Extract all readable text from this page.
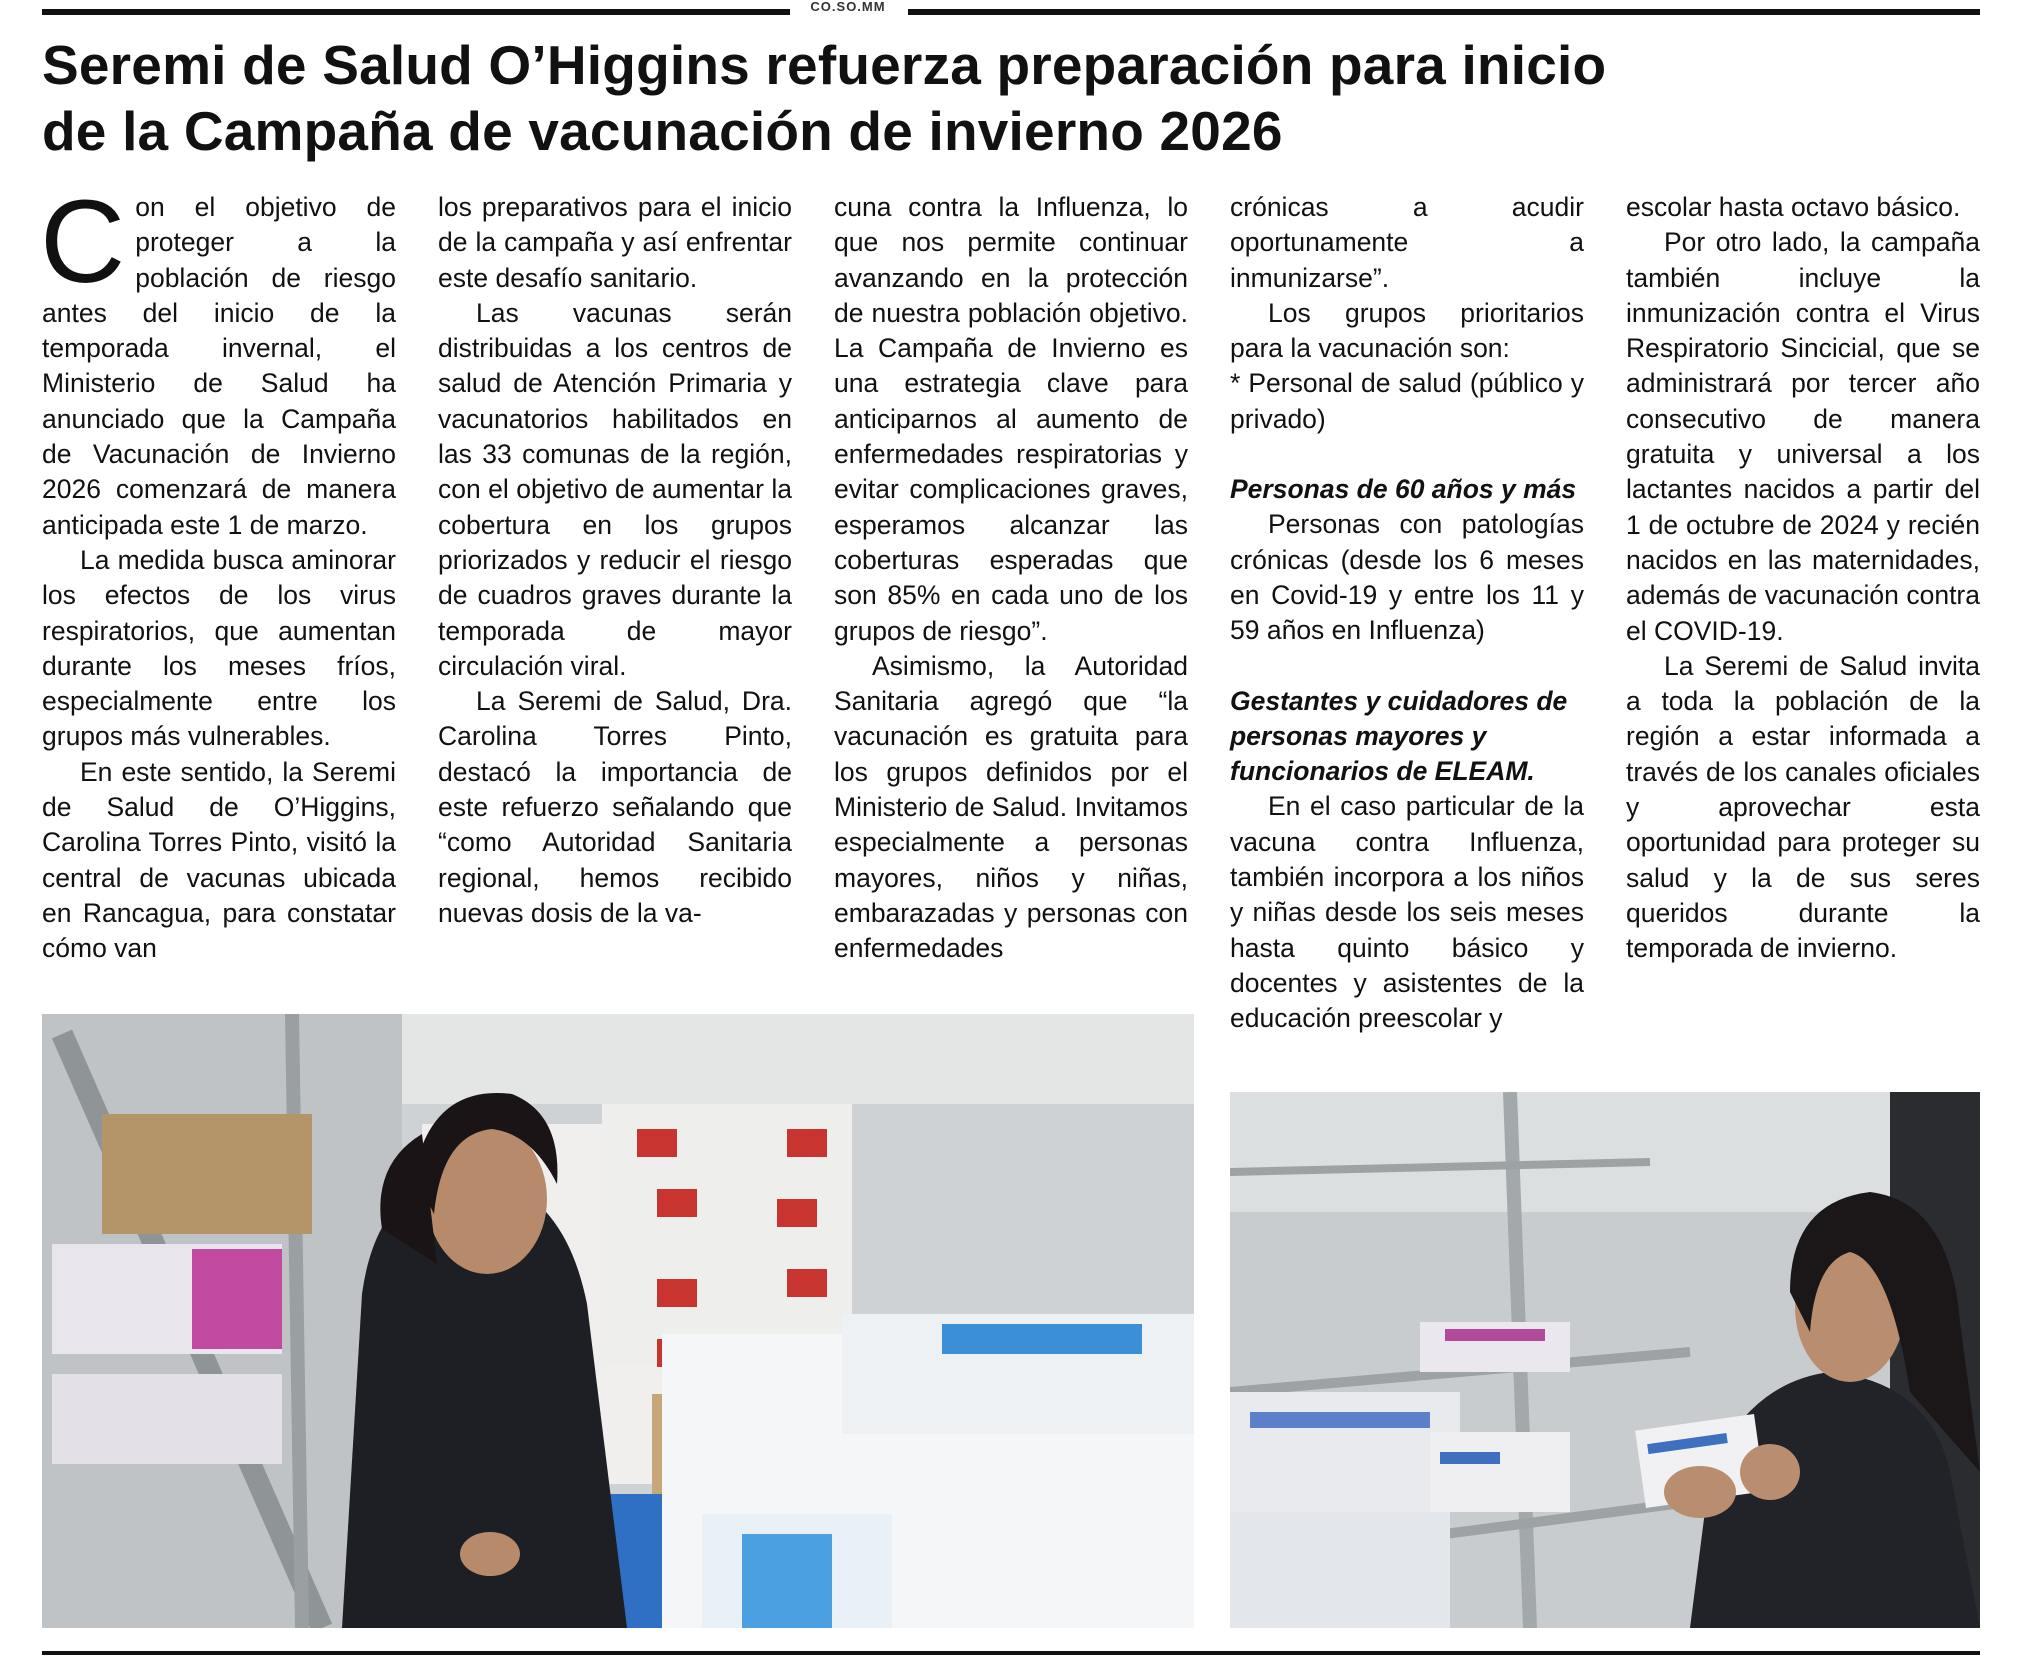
CO.SO.MM
Seremi de Salud O’Higgins refuerza preparación para inicio
de la Campaña de vacunación de invierno 2026

Con el objetivo de proteger a la población de riesgo antes del inicio de la temporada invernal, el Ministerio de Salud ha anunciado que la Campaña de Vacunación de Invierno 2026 comenzará de manera anticipada este 1 de marzo.

La medida busca aminorar los efectos de los virus respiratorios, que aumentan durante los meses fríos, especialmente entre los grupos más vulnerables.

En este sentido, la Seremi de Salud de O’Higgins, Carolina Torres Pinto, visitó la central de vacunas ubicada en Rancagua, para constatar cómo van

los preparativos para el inicio de la campaña y así enfrentar este desafío sanitario.

Las vacunas serán distribuidas a los centros de salud de Atención Primaria y vacunatorios habilitados en las 33 comunas de la región, con el objetivo de aumentar la cobertura en los grupos priorizados y reducir el riesgo de cuadros graves durante la temporada de mayor circulación viral.

La Seremi de Salud, Dra. Carolina Torres Pinto, destacó la importancia de este refuerzo señalando que “como Autoridad Sanitaria regional, hemos recibido nuevas dosis de la va-

cuna contra la Influenza, lo que nos permite continuar avanzando en la protección de nuestra población objetivo. La Campaña de Invierno es una estrategia clave para anticiparnos al aumento de enfermedades respiratorias y evitar complicaciones graves, esperamos alcanzar las coberturas esperadas que son 85% en cada uno de los grupos de riesgo”.

Asimismo, la Autoridad Sanitaria agregó que “la vacunación es gratuita para los grupos definidos por el Ministerio de Salud. Invitamos especialmente a personas mayores, niños y niñas, embarazadas y personas con enfermedades

crónicas a acudir oportunamente a inmunizarse”.

Los grupos prioritarios para la vacunación son:

* Personal de salud (público y privado)

Personas de 60 años y más

Personas con patologías crónicas (desde los 6 meses en Covid-19 y entre los 11 y 59 años en Influenza)

Gestantes y cuidadores de personas mayores y funcionarios de ELEAM.

En el caso particular de la vacuna contra Influenza, también incorpora a los niños y niñas desde los seis meses hasta quinto básico y docentes y asistentes de la educación preescolar y

escolar hasta octavo básico.

Por otro lado, la campaña también incluye la inmunización contra el Virus Respiratorio Sincicial, que se administrará por tercer año consecutivo de manera gratuita y universal a los lactantes nacidos a partir del 1 de octubre de 2024 y recién nacidos en las maternidades, además de vacunación contra el COVID-19.

La Seremi de Salud invita a toda la población de la región a estar informada a través de los canales oficiales y aprovechar esta oportunidad para proteger su salud y la de sus seres queridos durante la temporada de invierno.
